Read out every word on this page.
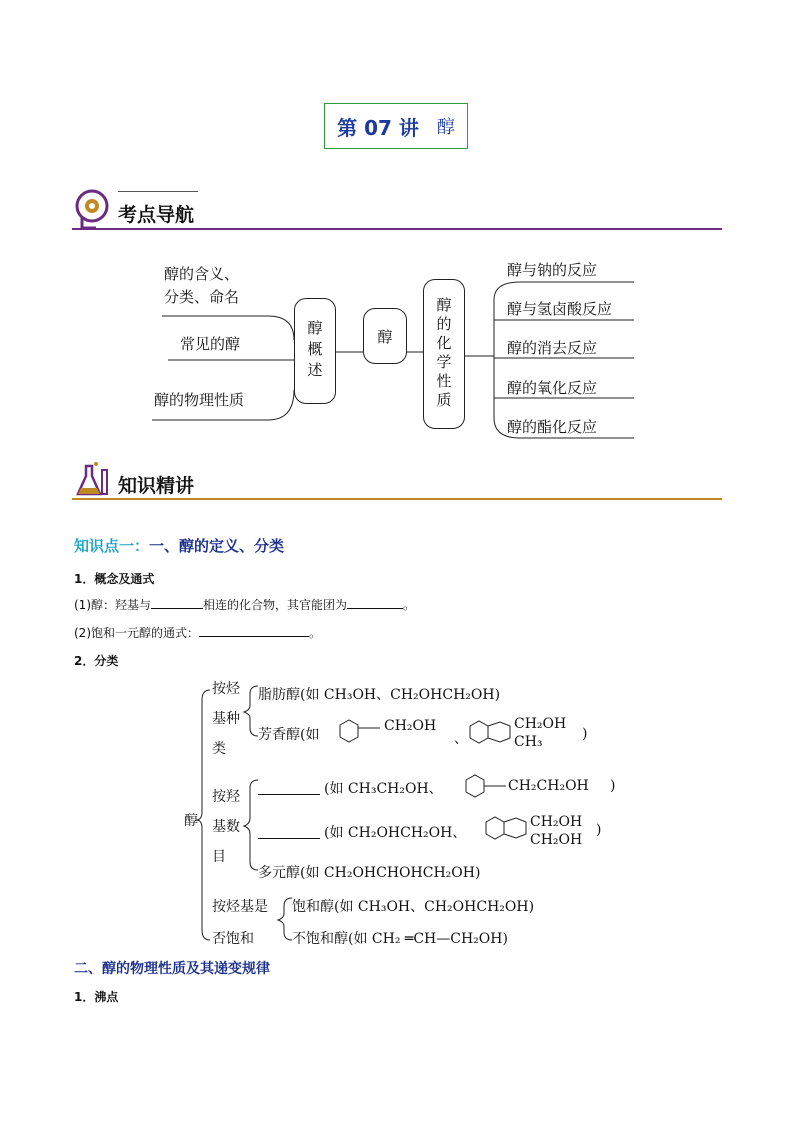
第 07 讲 醇
考点导航
醇的含义、
分类、命名
常见的醇
醇的物理性质
醇概述	醇	醇的化学性质
醇与钠的反应
醇与氢卤酸反应
醇的消去反应
醇的氧化反应
醇的酯化反应
知识精讲
知识点一：一、醇的定义、分类
1．概念及通式
(1)醇：羟基与	相连的化合物，其官能团为	。
(2)饱和一元醇的通式：	。
2．分类
醇
按烃
基种
类
脂肪醇(如 CH₃OH、CH₂OHCH₂OH)
芳香醇(如
CH₂OH
、
CH₂OH
CH₃	)
按羟
基数
目
(如 CH₃CH₂OH、	CH₂CH₂OH )
(如 CH₂OHCH₂OH、
CH₂OH
CH₂OH
)
多元醇(如 CH₂OHCHOHCH₂OH)
按烃基是
否饱和
饱和醇(如 CH₃OH、CH₂OHCH₂OH)
不饱和醇(如 CH₂ ═CH—CH₂OH)
二、醇的物理性质及其递变规律
1．沸点
